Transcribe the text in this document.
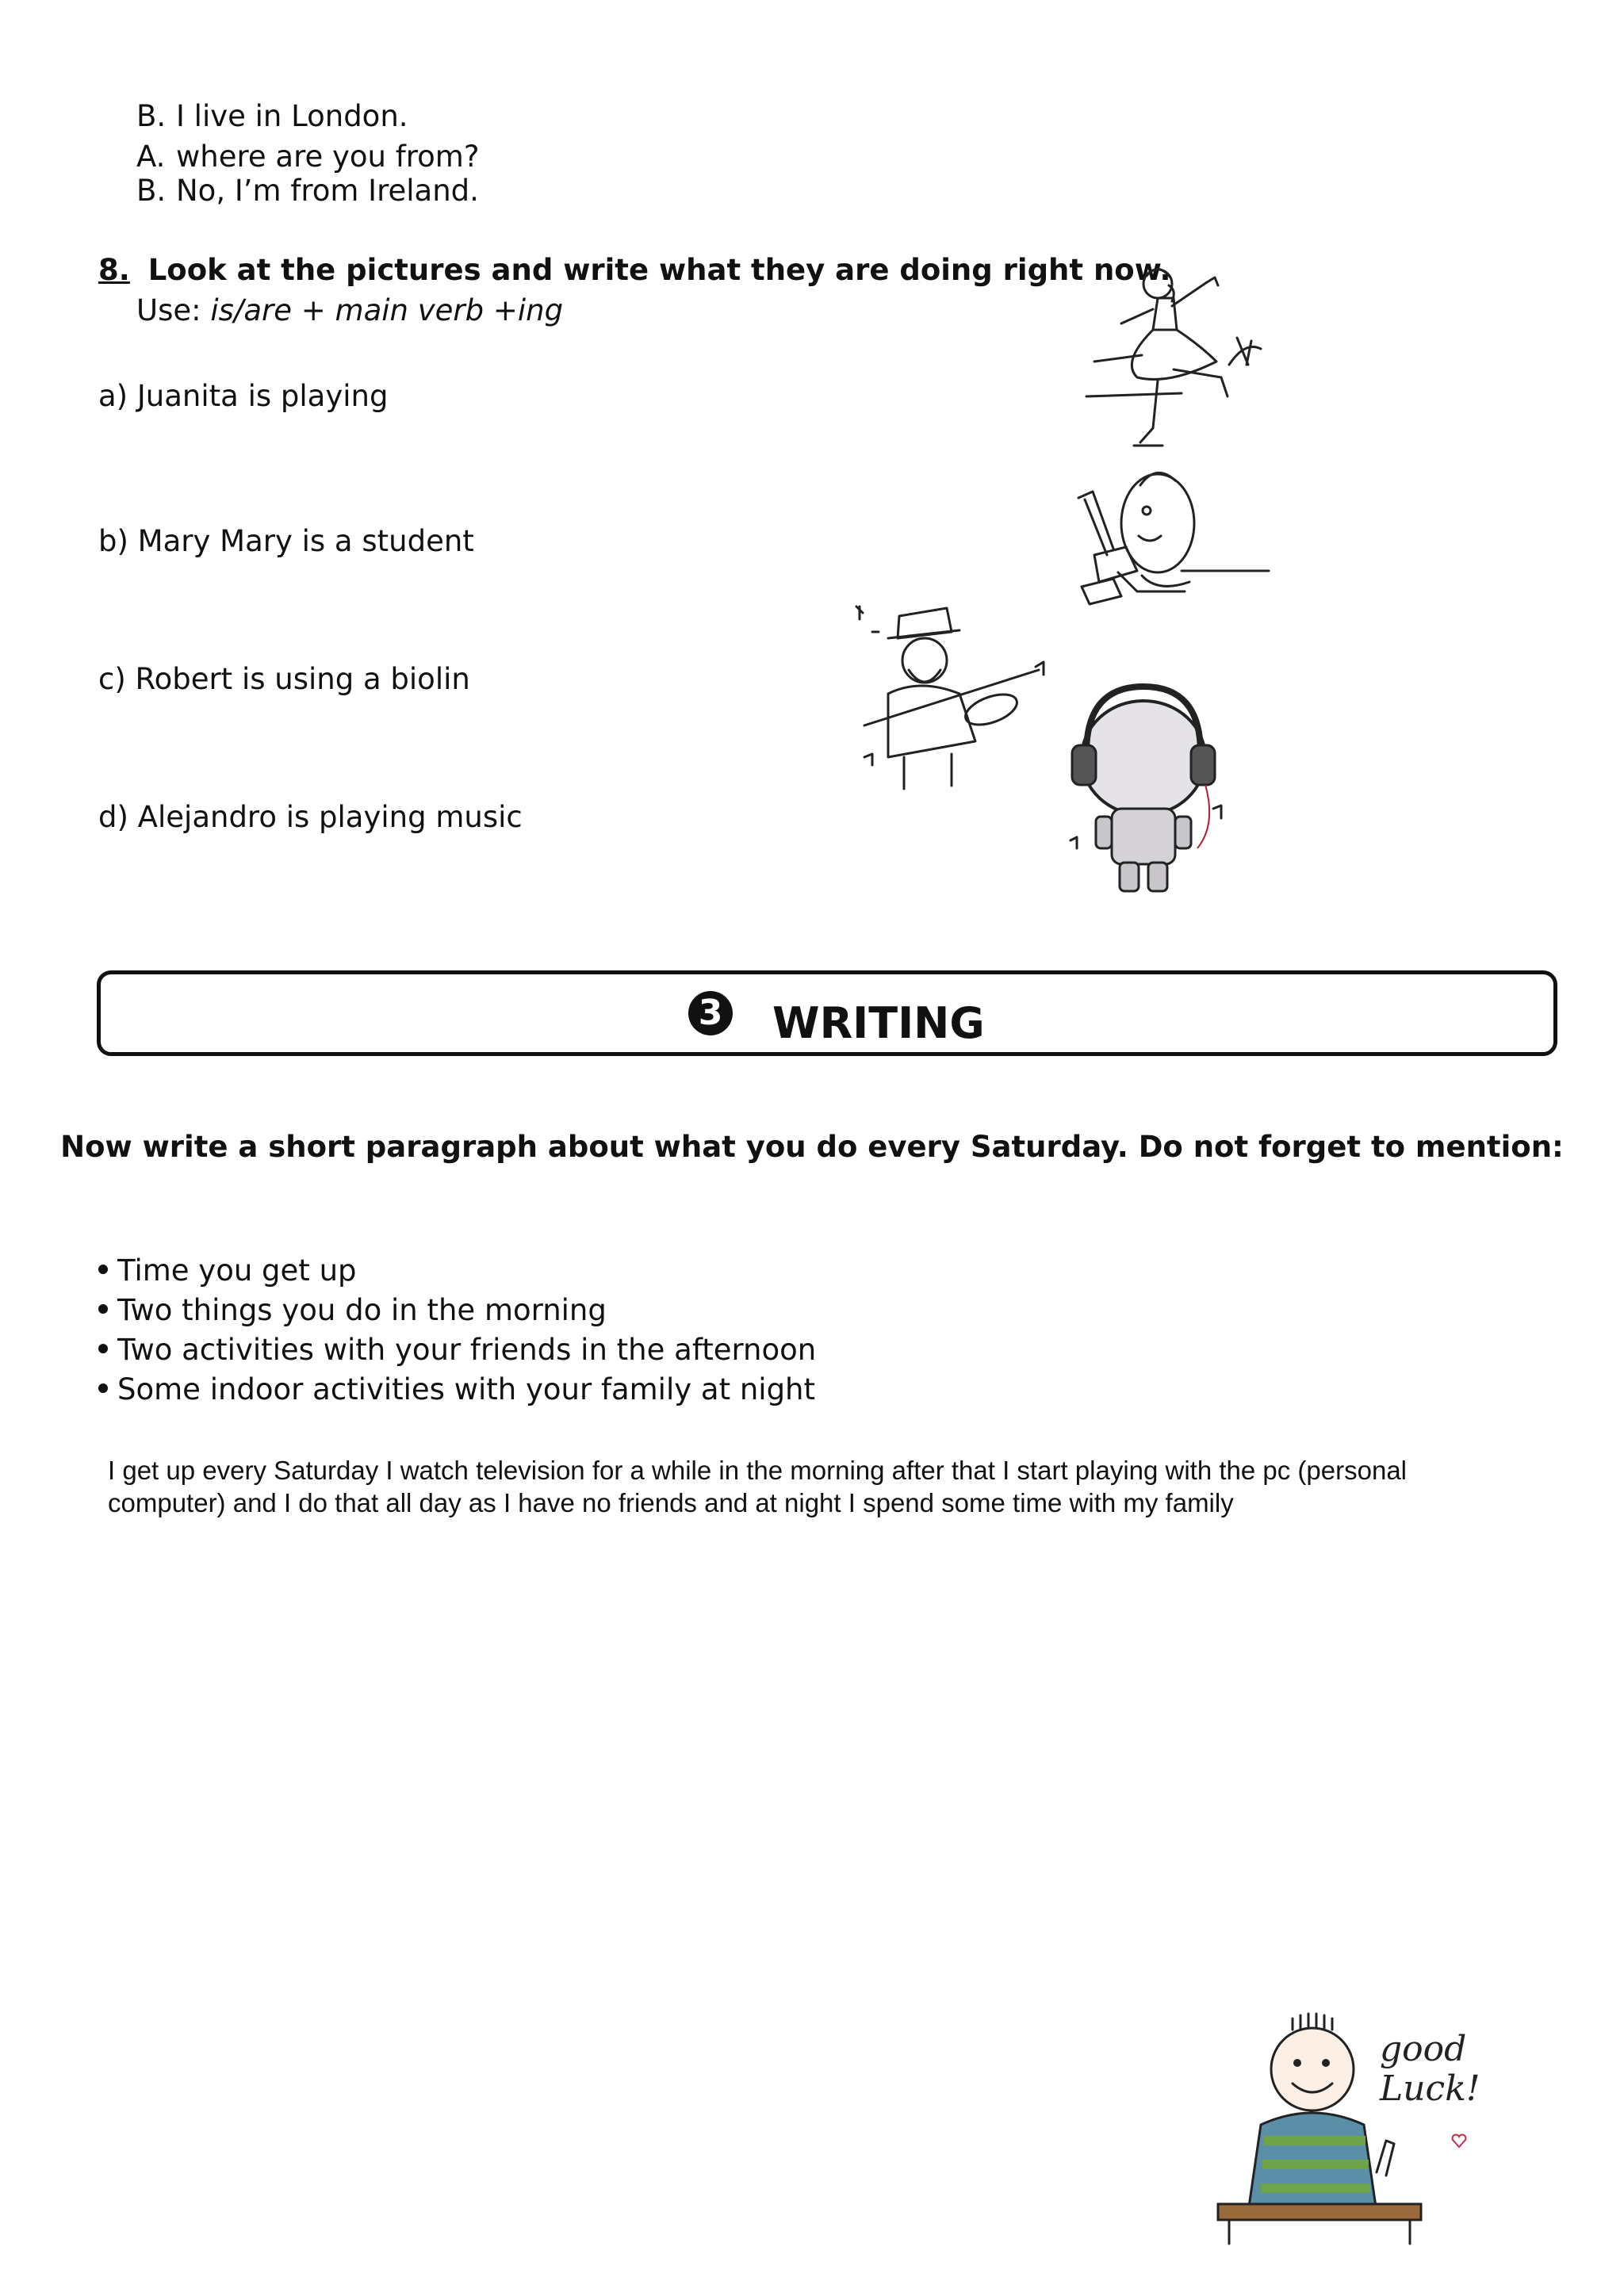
B. I live in London.
A. where are you from?
B. No, I’m from Ireland.
8. Look at the pictures and write what they are doing right now.
Use: is/are + main verb +ing
a) Juanita is playing
b) Mary Mary is a student
c) Robert is using a biolin
d) Alejandro is playing music
3 WRITING
Now write a short paragraph about what you do every Saturday. Do not forget to mention:
Time you get up
Two things you do in the morning
Two activities with your friends in the afternoon
Some indoor activities with your family at night
I get up every Saturday I watch television for a while in the morning after that I start playing with the pc (personal computer) and I do that all day as I have no friends and at night I spend some time with my family
good Luck!
